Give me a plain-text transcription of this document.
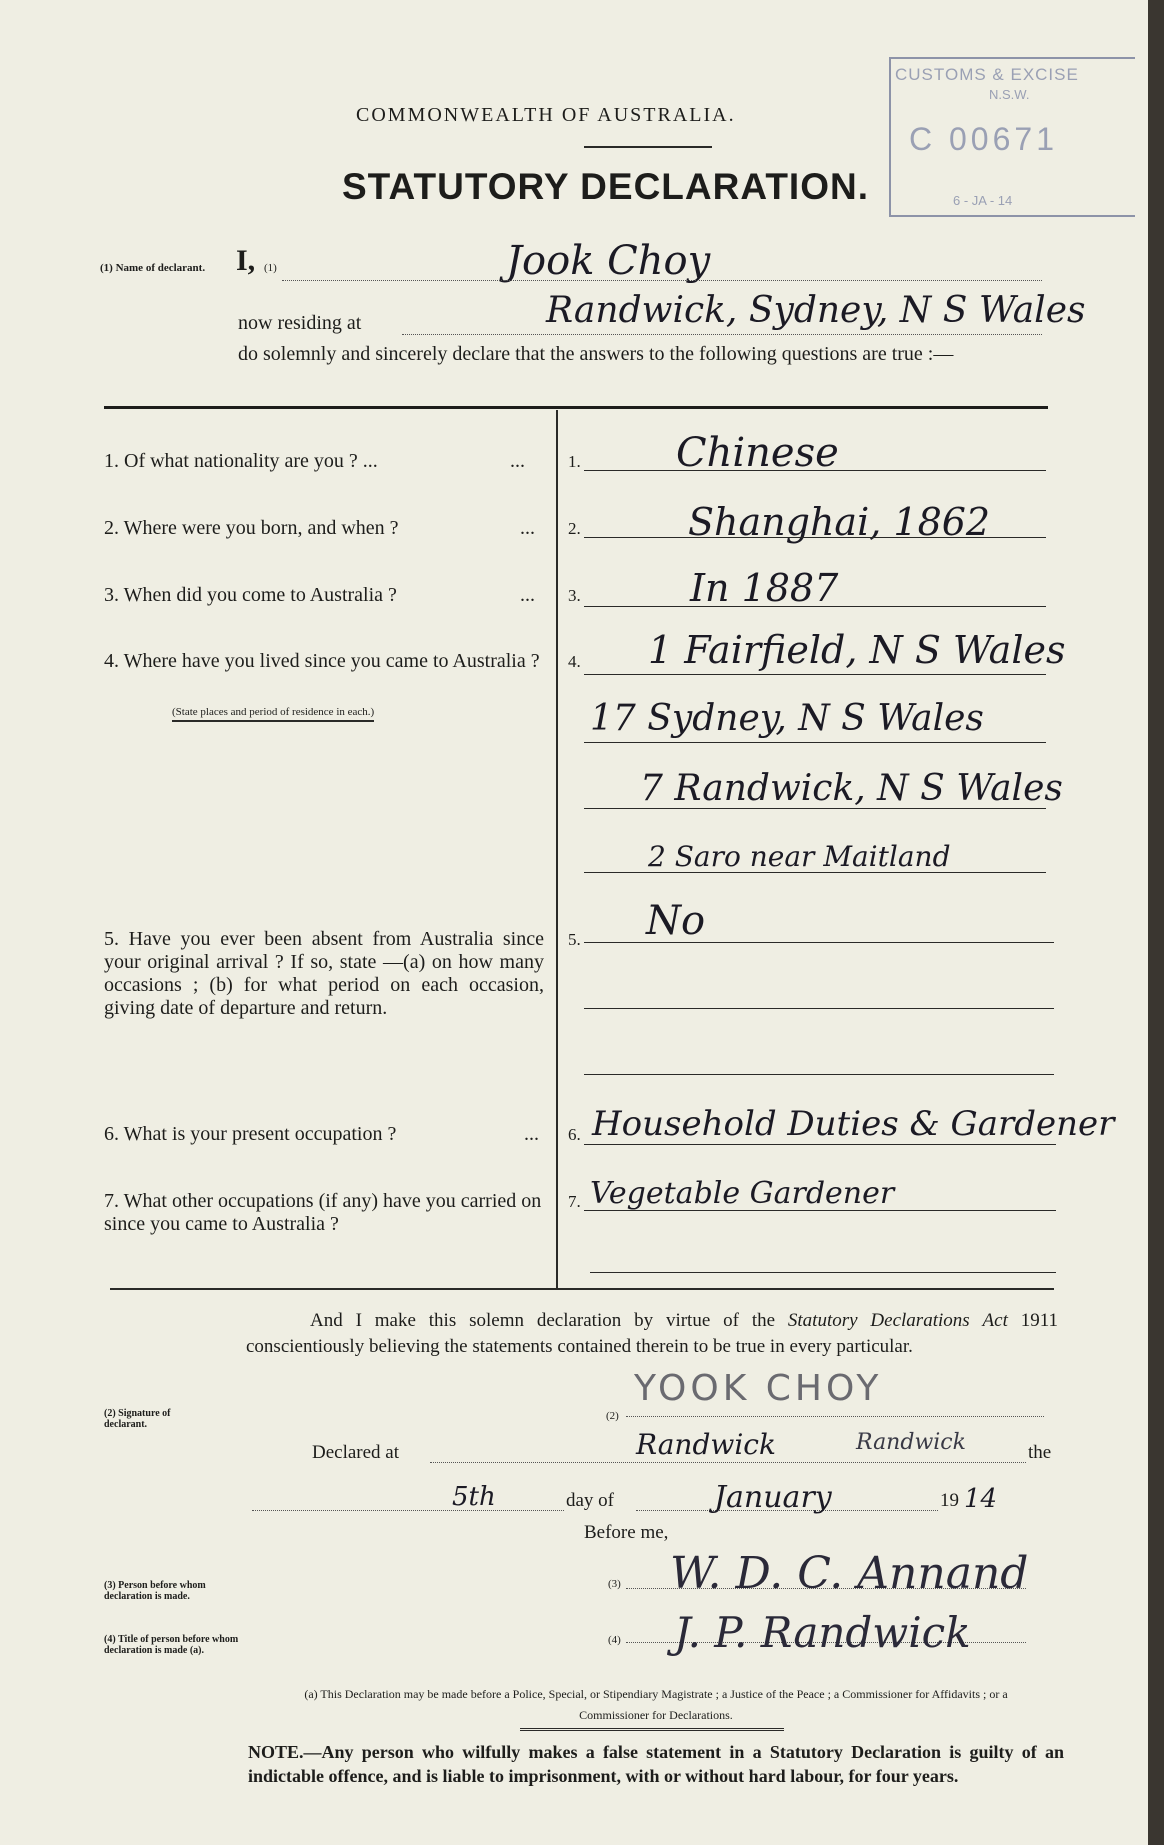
COMMONWEALTH OF AUSTRALIA.
STATUTORY DECLARATION.
CUSTOMS & EXCISE
N.S.W.
C 00671
6 - JA - 14
(1) Name of declarant. I, (1)	Jook Choy
now residing at	Randwick, Sydney, N S Wales
do solemnly and sincerely declare that the answers to the following questions are true :—
1. Of what nationality are you ? ...	...	1. Chinese
2. Where were you born, and when ?	... 2.	Shanghai, 1862
3. When did you come to Australia ?	... 3.	In 1887
4. Where have you lived since you came to Australia ?
(State places and period of residence in each.)
4. 1 Fairfield, N S Wales
17 Sydney, N S Wales
7 Randwick, N S Wales
2 Saro near Maitland
5. Have you ever been absent from Australia since your original arrival ? If so, state —(a) on how many occasions ; (b) for what period on each occasion, giving date of departure and return.
5. No
6. What is your present occupation ?	... 6. Household Duties & Gardener
7. What other occupations (if any) have you carried on since you came to Australia ?
7. Vegetable Gardener
And I make this solemn declaration by virtue of the Statutory Declarations Act 1911 conscientiously believing the statements contained therein to be true in every particular.
YOOK CHOY
(2) Signature of declarant.
(2)
Declared at	Randwick	Randwick	the
5th	day of	January	19 14
Before me,
(3) W. D. C. Annand
(3) Person before whom declaration is made.
(4) J. P. Randwick
(4) Title of person before whom declaration is made (a).
(a) This Declaration may be made before a Police, Special, or Stipendiary Magistrate ; a Justice of the Peace ; a Commissioner for Affidavits ; or a Commissioner for Declarations.
NOTE.—Any person who wilfully makes a false statement in a Statutory Declaration is guilty of an indictable offence, and is liable to imprisonment, with or without hard labour, for four years.
